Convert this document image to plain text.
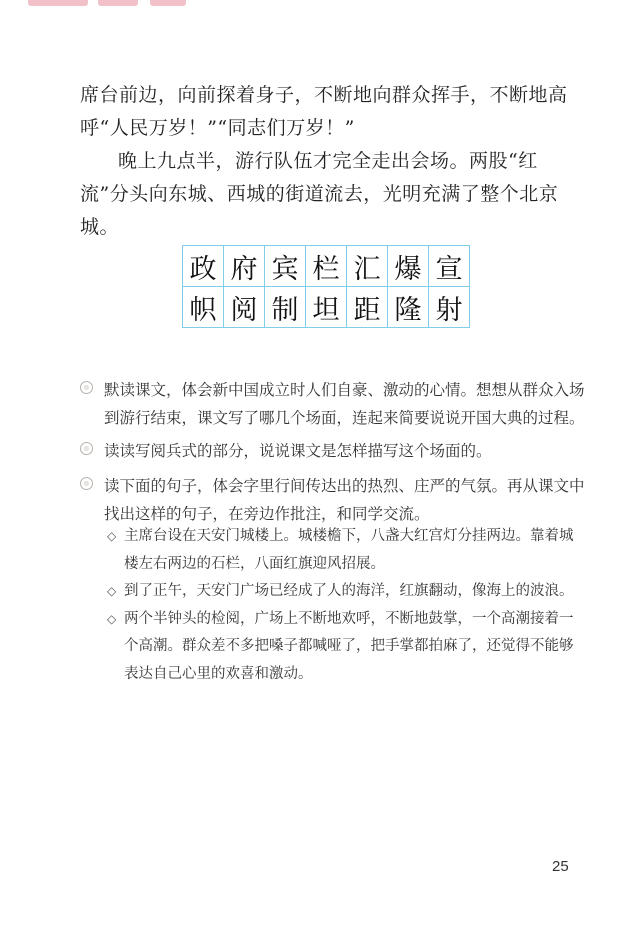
席台前边，向前探着身子，不断地向群众挥手，不断地高呼“人民万岁！”“同志们万岁！”

晚上九点半，游行队伍才完全走出会场。两股“红流”分头向东城、西城的街道流去，光明充满了整个北京城。

政	府	宾	栏	汇	爆	宣
帜	阅	制	坦	距	隆	射

默读课文，体会新中国成立时人们自豪、激动的心情。想想从群众入场到游行结束，课文写了哪几个场面，连起来简要说说开国大典的过程。

读读写阅兵式的部分，说说课文是怎样描写这个场面的。

读下面的句子，体会字里行间传达出的热烈、庄严的气氛。再从课文中找出这样的句子，在旁边作批注，和同学交流。

◇ 主席台设在天安门城楼上。城楼檐下，八盏大红宫灯分挂两边。靠着城楼左右两边的石栏，八面红旗迎风招展。
◇ 到了正午，天安门广场已经成了人的海洋，红旗翻动，像海上的波浪。
◇ 两个半钟头的检阅，广场上不断地欢呼，不断地鼓掌，一个高潮接着一个高潮。群众差不多把嗓子都喊哑了，把手掌都拍麻了，还觉得不能够表达自己心里的欢喜和激动。
25
